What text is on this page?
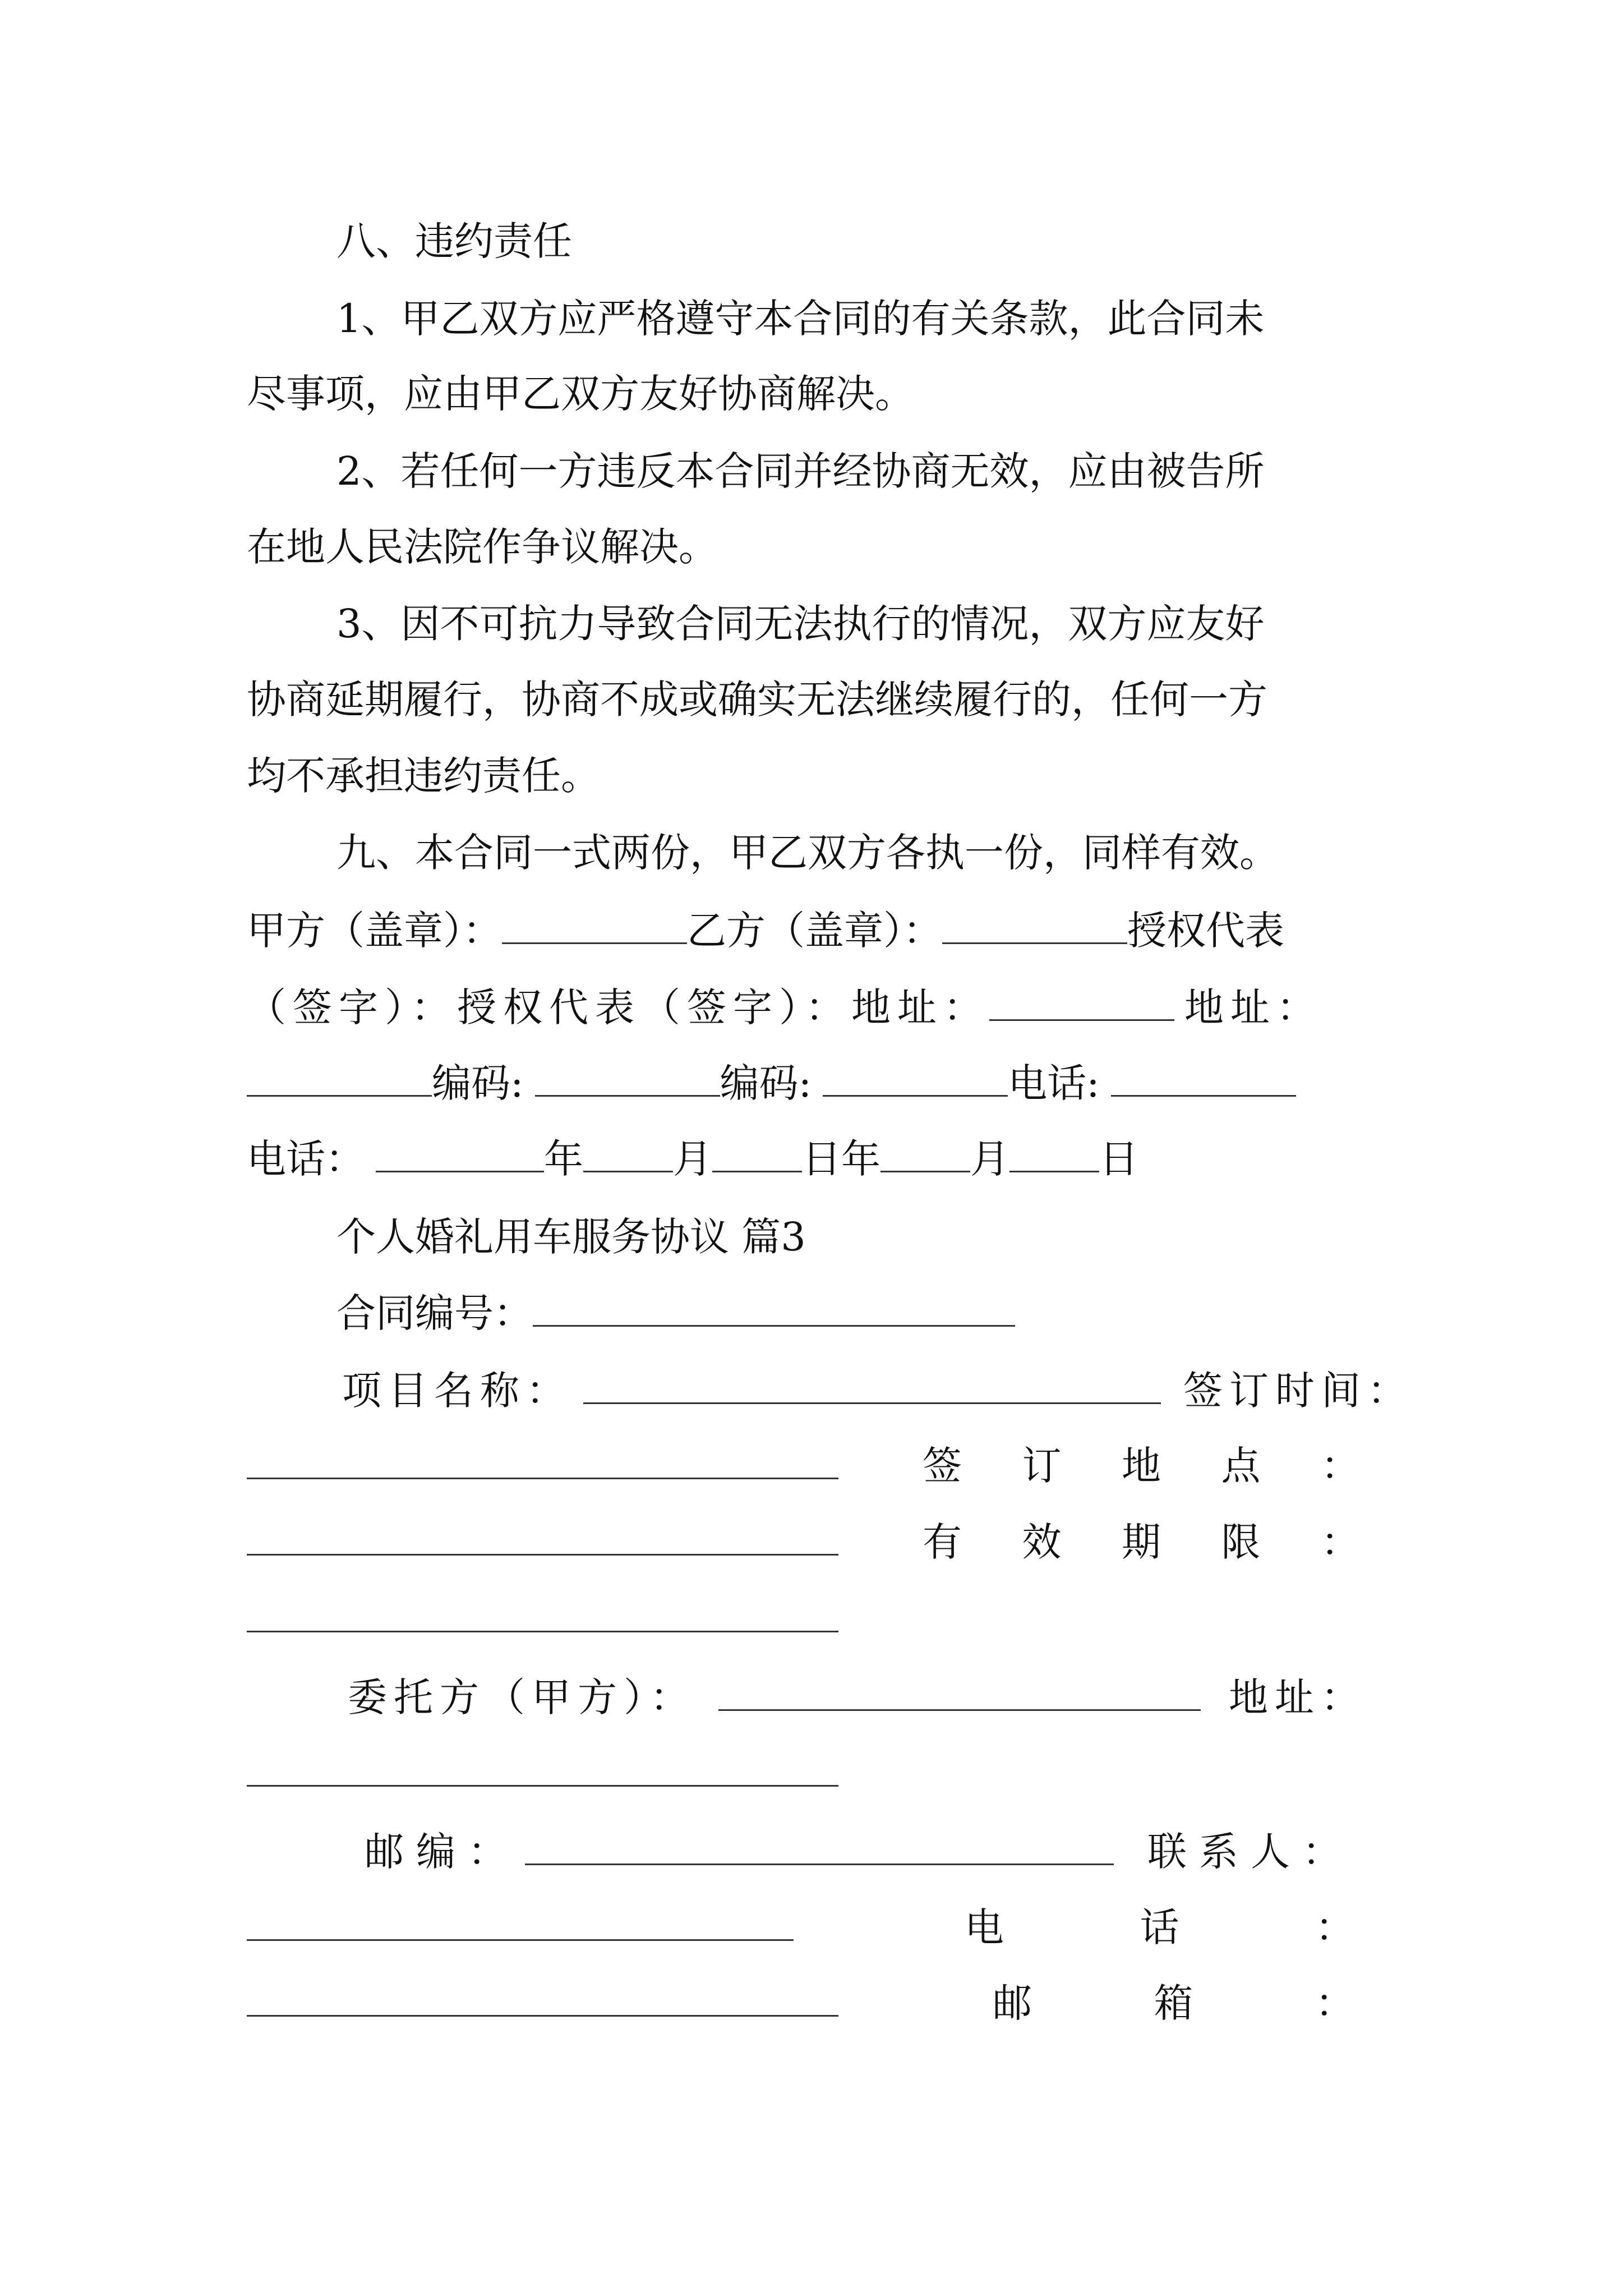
八、违约责任
1、甲乙双方应严格遵守本合同的有关条款，此合同未
尽事项，应由甲乙双方友好协商解决。
2、若任何一方违反本合同并经协商无效，应由被告所
在地人民法院作争议解决。
3、因不可抗力导致合同无法执行的情况，双方应友好
协商延期履行，协商不成或确实无法继续履行的，任何一方
均不承担违约责任。
九、本合同一式两份，甲乙双方各执一份，同样有效。
甲方（盖章）：	乙方（盖章）：	授权代表
（签字）： 授权代表（签字）： 地址：	地址：
编码:	编码:	电话:
电话：	年 月 日 年 月 日
个人婚礼用车服务协议 篇3
合同编号：
项目名称：	签订时间：
签 订 地 点 ：
有 效 期 限 ：
委托方（甲方）：	地址：
邮编：	联系人：
电	话	：
邮	箱	：
